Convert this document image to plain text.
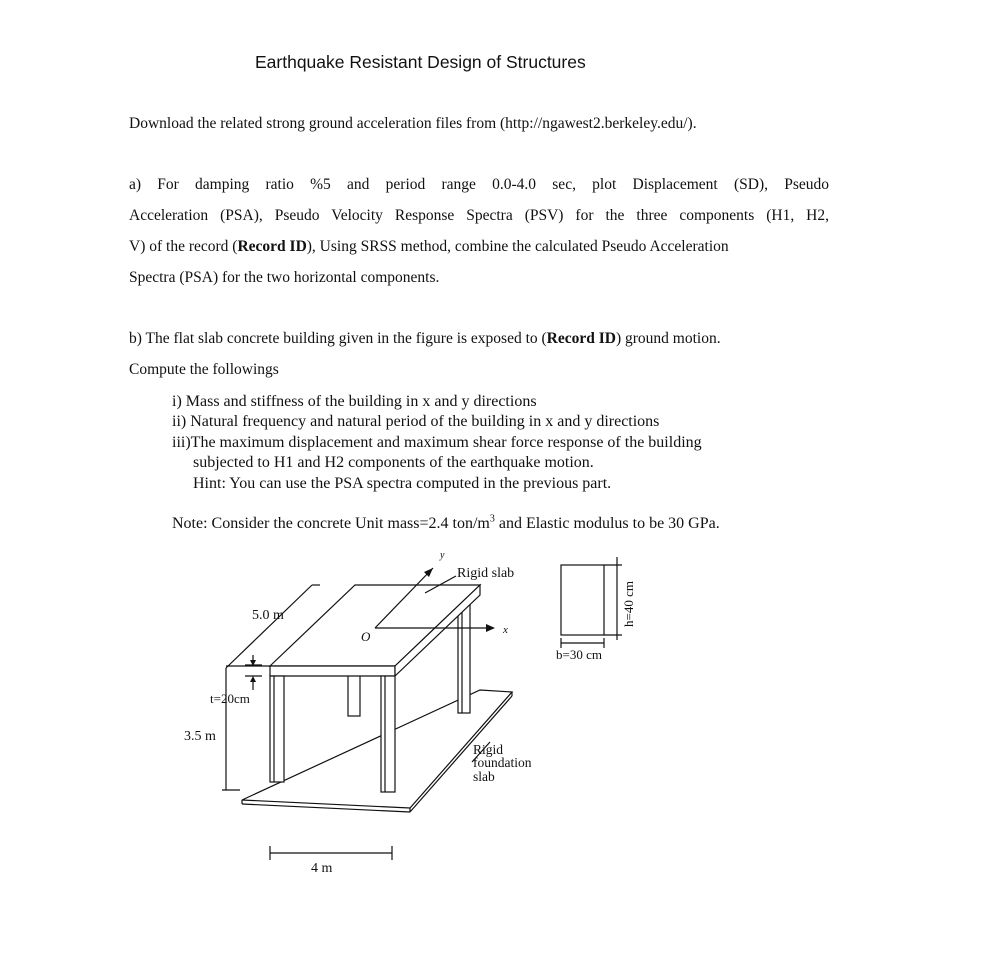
Earthquake Resistant Design of Structures
Download the related strong ground acceleration files from (http://ngawest2.berkeley.edu/).
a) For damping ratio %5 and period range 0.0-4.0 sec, plot Displacement (SD), Pseudo
Acceleration (PSA), Pseudo Velocity Response Spectra (PSV) for the three components (H1, H2,
V) of the record (Record ID), Using SRSS method, combine the calculated Pseudo Acceleration
Spectra (PSA) for the two horizontal components.
b) The flat slab concrete building given in the figure is exposed to (Record ID) ground motion.
Compute the followings
i) Mass and stiffness of the building in x and y directions
ii) Natural frequency and natural period of the building in x and y directions
iii)The maximum displacement and maximum shear force response of the building
subjected to H1 and H2 components of the earthquake motion.
Hint: You can use the PSA spectra computed in the previous part.
Note: Consider the concrete Unit mass=2.4 ton/$m^3$ and Elastic modulus to be 30 GPa.
Rigid slab
y
x
O
5.0 m
t=20cm
3.5 m
4 m
Rigid
foundation
slab
b=30 cm
h=40 cm
